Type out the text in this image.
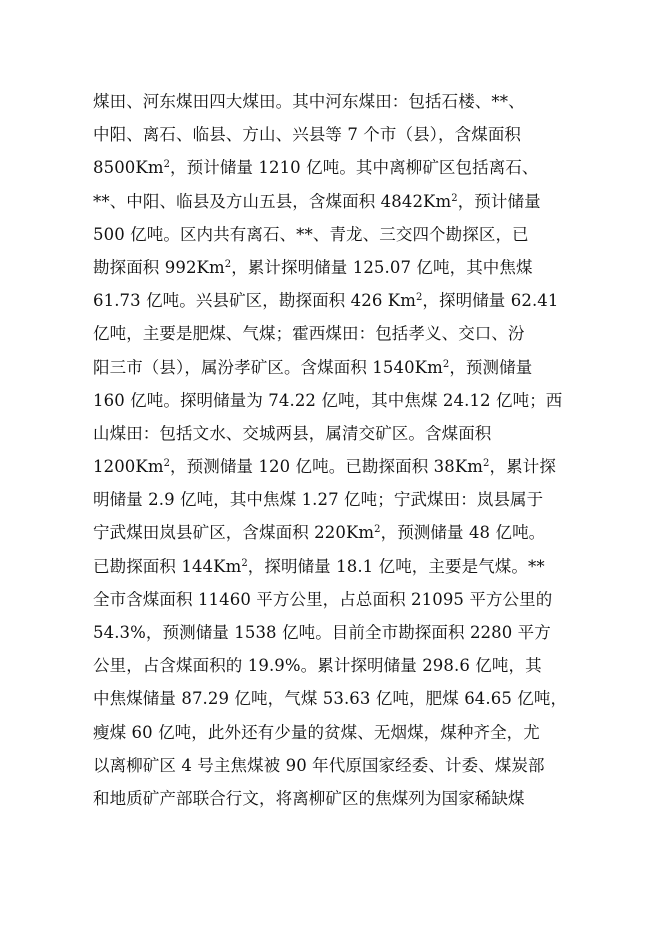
煤田、河东煤田四大煤田。其中河东煤田：包括石楼、**、
中阳、离石、临县、方山、兴县等 7 个市（县），含煤面积
8500Km$^2$，预计储量 1210 亿吨。其中离柳矿区包括离石、
**、中阳、临县及方山五县，含煤面积 4842Km$^2$，预计储量
500 亿吨。区内共有离石、**、青龙、三交四个勘探区，已
勘探面积 992Km$^2$，累计探明储量 125.07 亿吨，其中焦煤
61.73 亿吨。兴县矿区，勘探面积 426 Km$^2$，探明储量 62.41
亿吨，主要是肥煤、气煤；霍西煤田：包括孝义、交口、汾
阳三市（县），属汾孝矿区。含煤面积 1540Km$^2$，预测储量
160 亿吨。探明储量为 74.22 亿吨，其中焦煤 24.12 亿吨；西
山煤田：包括文水、交城两县，属清交矿区。含煤面积
1200Km$^2$，预测储量 120 亿吨。已勘探面积 38Km$^2$，累计探
明储量 2.9 亿吨，其中焦煤 1.27 亿吨；宁武煤田：岚县属于
宁武煤田岚县矿区，含煤面积 220Km$^2$，预测储量 48 亿吨。
已勘探面积 144Km$^2$，探明储量 18.1 亿吨，主要是气煤。**
全市含煤面积 11460 平方公里，占总面积 21095 平方公里的
54.3%，预测储量 1538 亿吨。目前全市勘探面积 2280 平方
公里，占含煤面积的 19.9%。累计探明储量 298.6 亿吨，其
中焦煤储量 87.29 亿吨，气煤 53.63 亿吨，肥煤 64.65 亿吨，
瘦煤 60 亿吨，此外还有少量的贫煤、无烟煤，煤种齐全，尤
以离柳矿区 4 号主焦煤被 90 年代原国家经委、计委、煤炭部
和地质矿产部联合行文，将离柳矿区的焦煤列为国家稀缺煤
